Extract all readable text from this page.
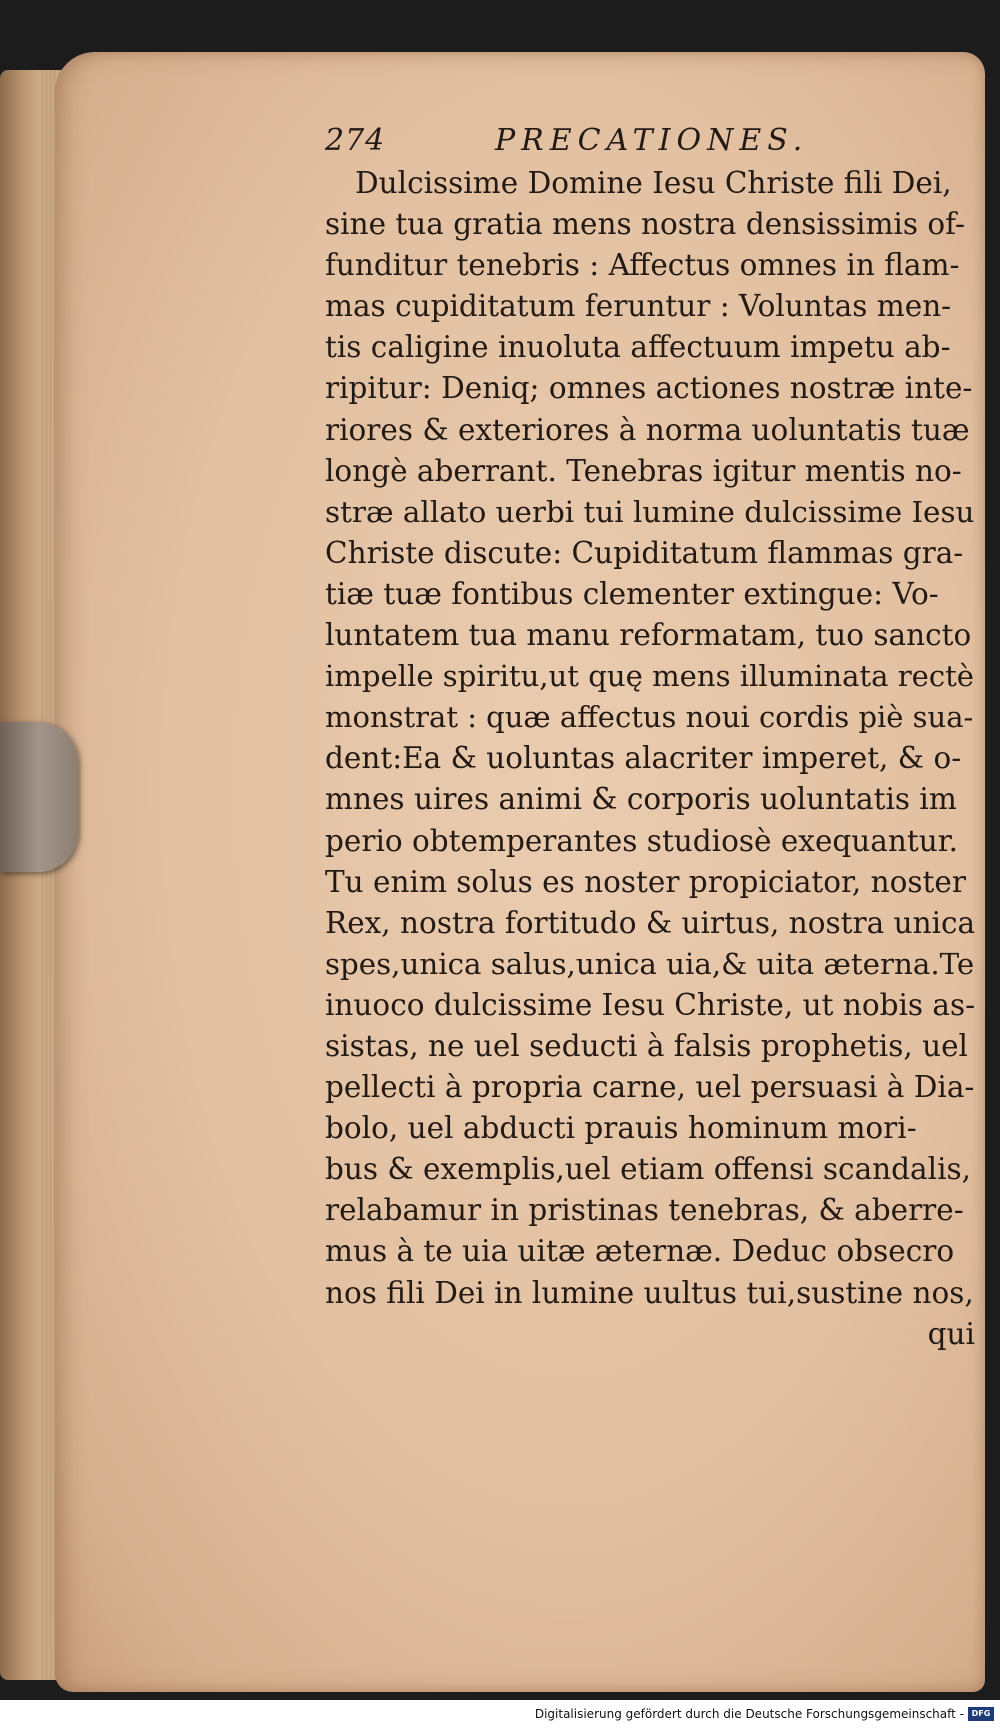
274	PRECATIONES.
Dulcissime Domine Iesu Christe fili Dei,
sine tua gratia mens nostra densissimis of-
funditur tenebris : Affectus omnes in flam-
mas cupiditatum feruntur : Voluntas men-
tis caligine inuoluta affectuum impetu ab-
ripitur: Deniq; omnes actiones nostræ inte-
riores & exteriores à norma uoluntatis tuæ
longè aberrant. Tenebras igitur mentis no-
stræ allato uerbi tui lumine dulcissime Iesu
Christe discute: Cupiditatum flammas gra-
tiæ tuæ fontibus clementer extingue: Vo-
luntatem tua manu reformatam, tuo sancto
impelle spiritu,ut quę mens illuminata rectè
monstrat : quæ affectus noui cordis piè sua-
dent:Ea & uoluntas alacriter imperet, & o-
mnes uires animi & corporis uoluntatis im
perio obtemperantes studiosè exequantur.
Tu enim solus es noster propiciator, noster
Rex, nostra fortitudo & uirtus, nostra unica
spes,unica salus,unica uia,& uita æterna.Te
inuoco dulcissime Iesu Christe, ut nobis as-
sistas, ne uel seducti à falsis prophetis, uel
pellecti à propria carne, uel persuasi à Dia-
bolo, uel abducti prauis hominum mori-
bus & exemplis,uel etiam offensi scandalis,
relabamur in pristinas tenebras, & aberre-
mus à te uia uitæ æternæ. Deduc obsecro
nos fili Dei in lumine uultus tui,sustine nos,
qui
Digitalisierung gefördert durch die Deutsche Forschungsgemeinschaft - DFG
